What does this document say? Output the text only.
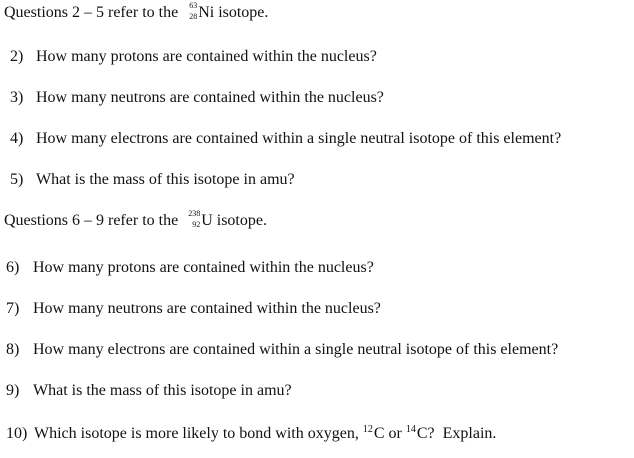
Questions 2 – 5 refer to the 63
28 Ni isotope.
2) How many protons are contained within the nucleus?
3) How many neutrons are contained within the nucleus?
4) How many electrons are contained within a single neutral isotope of this element?
5) What is the mass of this isotope in amu?
Questions 6 – 9 refer to the 238
92 U isotope.
6) How many protons are contained within the nucleus?
7) How many neutrons are contained within the nucleus?
8) How many electrons are contained within a single neutral isotope of this element?
9) What is the mass of this isotope in amu?
10) Which isotope is more likely to bond with oxygen, $^{12}$C or $^{14}$C? Explain.
